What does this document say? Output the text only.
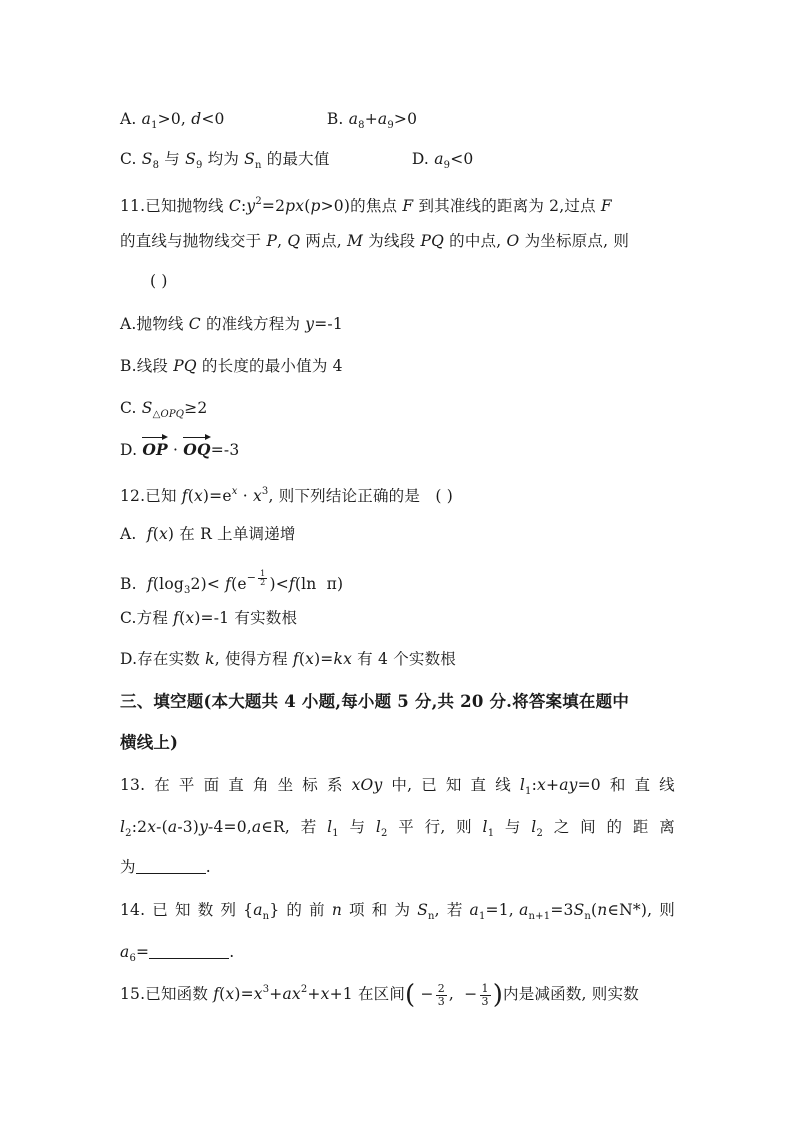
A. $a_1>0$, d<0	B. $a_8+a_9>0$
C. $S_8$ 与 $S_9$ 均为 $S_n$ 的最大值	D. $a_9<0$
11.已知抛物线 $C:y^2=2px(p>0)$的焦点 F 到其准线的距离为 2,过点 F
的直线与抛物线交于 P, Q 两点, M 为线段 PQ 的中点, O 为坐标原点, 则
( )
A.抛物线 C 的准线方程为 y=-1
B.线段 PQ 的长度的最小值为 4
C. $S_{\triangle OPQ}\ge 2$
D. OP · OQ=-3
12.已知 $f(x)=e^x \cdot x^3$, 则下列结论正确的是   ( )
A.  f(x) 在 R 上单调递增
B.  $f(\log_32)< f(e^{- \frac{1}{2}}$ )<f(ln  π)
C.方程 f(x)=-1 有实数根
D.存在实数 k, 使得方程 f(x)=kx 有 4 个实数根
三、填空题(本大题共 4 小题,每小题 5 分,共 20 分.将答案填在题中
横线上)
13. 在 平 面 直 角 坐 标 系 xOy 中, 已 知 直 线 $l_1:x+ay=0$ 和 直 线
$l_2:2x-(a-3)y-4=0,a\in R$, 若 $l_1$ 与 $l_2$ 平 行, 则 $l_1$ 与 $l_2$ 之 间 的 距 离
为	.
14. 已 知 数 列 $\{a_n\}$ 的 前 n 项 和 为 $S_n$, 若 $a_1=1$, $a_{n+1}=3S_n(n\in N*)$, 则
$a_6=$	.
15.已知函数 $f(x)=x^3+ax^2+x+1$ 在区间( − $\frac{2}{3}$ ,  − $\frac{1}{3}$ )内是减函数, 则实数
